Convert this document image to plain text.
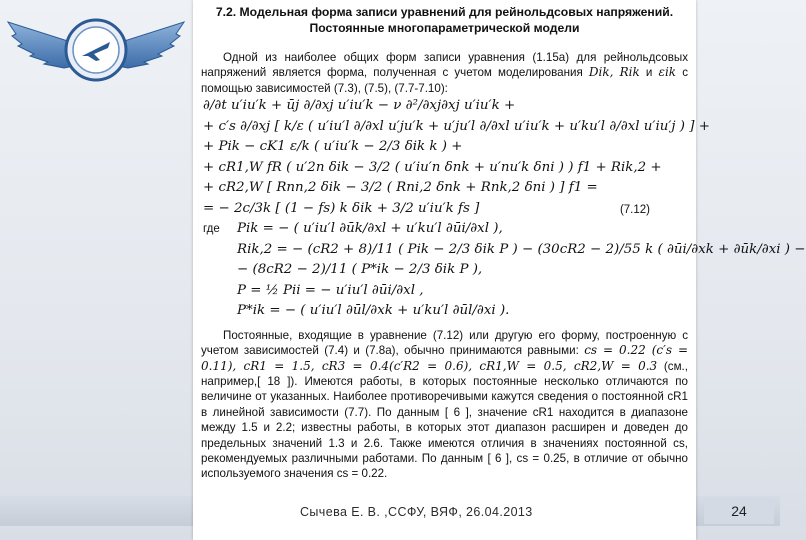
24
7.2. Модельная форма записи уравнений для рейнольдсовых напряжений.
Постоянные многопараметрической модели
Одной из наиболее общих форм записи уравнения (1.15а) для рейнольдсовых напряжений является форма, полученная с учетом моделирования Dik, Rik и εik с помощью зависимостей (7.3), (7.5), (7.7-7.10):
(7.12)
∂/∂t u′iu′k + ūj ∂/∂xj u′iu′k − ν ∂²/∂xj∂xj u′iu′k +
+ c′s ∂/∂xj [ k/ε ( u′iu′l ∂/∂xl u′ju′k + u′ju′l ∂/∂xl u′iu′k + u′ku′l ∂/∂xl u′iu′j ) ] +
+ Pik − cK1 ε/k ( u′iu′k − 2/3 δik k ) +
+ cR1,W fR ( u′2n δik − 3/2 ( u′iu′n δnk + u′nu′k δni ) ) f1 + Rik,2 +
+ cR2,W [ Rnn,2 δik − 3/2 ( Rni,2 δnk + Rnk,2 δni ) ] f1 =
= − 2c/3k [ (1 − fs) k δik + 3/2 u′iu′k fs ]
где Pik = − ( u′iu′l ∂ūk/∂xl + u′ku′l ∂ūi/∂xl ),
Rik,2 = − (cR2 + 8)/11 ( Pik − 2/3 δik P ) − (30cR2 − 2)/55 k ( ∂ūi/∂xk + ∂ūk/∂xi ) −
− (8cR2 − 2)/11 ( P*ik − 2/3 δik P ),
P = ½ Pii = − u′iu′l ∂ūi/∂xl ,
P*ik = − ( u′iu′l ∂ūl/∂xk + u′ku′l ∂ūl/∂xi ).
Постоянные, входящие в уравнение (7.12) или другую его форму, построенную с учетом зависимостей (7.4) и (7.8а), обычно принимаются равными: cs = 0.22 (c′s = 0.11), cR1 = 1.5, cR3 = 0.4(c′R2 = 0.6), cR1,W = 0.5, cR2,W = 0.3 (см., например,[ 18 ]). Имеются работы, в которых постоянные несколько отличаются по величине от указанных. Наиболее противоречивыми кажутся сведения о постоянной cR1 в линейной зависимости (7.7). По данным [ 6 ], значение cR1 находится в диапазоне между 1.5 и 2.2; известны работы, в которых этот диапазон расширен и доведен до предельных значений 1.3 и 2.6. Также имеются отличия в значениях постоянной cs, рекомендуемых различными работами. По данным [ 6 ], cs = 0.25, в отличие от обычно используемого значения cs = 0.22.
Сычева Е. В. ,ССФУ, ВЯФ, 26.04.2013
